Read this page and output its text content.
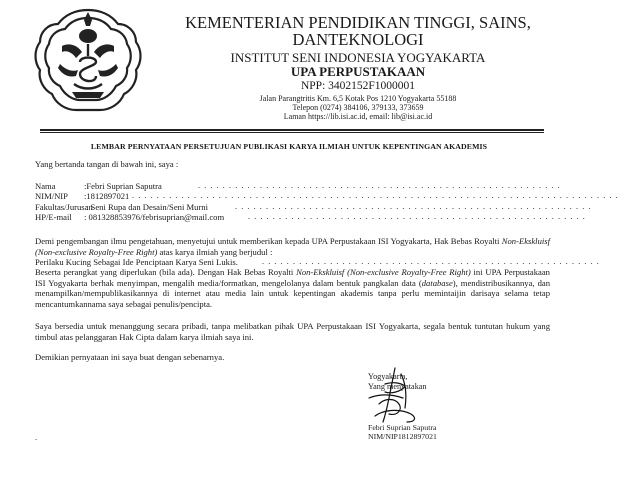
KEMENTERIAN PENDIDIKAN TINGGI, SAINS,
DANTEKNOLOGI
INSTITUT SENI INDONESIA YOGYAKARTA
UPA PERPUSTAKAAN
NPP: 3402152F1000001
Jalan Parangtritis Km. 6,5 Kotak Pos 1210 Yogyakarta 55188
Telepon (0274) 384106, 379133, 373659
Laman https://lib.isi.ac.id, email: lib@isi.ac.id
LEMBAR PERNYATAAN PERSETUJUAN PUBLIKASI KARYA ILMIAH UNTUK KEPENTINGAN AKADEMIS
Yang bertanda tangan di bawah ini, saya :
Nama	:Febri Suprian Saputra	. . . . . . . . . . . . . . . . . . . . . . . . . . . . . . . . . . . . . . . . . . . . . . . . . . . . . . . . . . .
NIM/NIP :1812897021 . . . . . . . . . . . . . . . . . . . . . . . . . . . . . . . . . . . . . . . . . . . . . . . . . . . . . . . . . . . . . . . . . . . . . . . . . . . . . . .
Fakultas/Jurusan: Seni Rupa dan Desain/Seni Murni	. . . . . . . . . . . . . . . . . . . . . . . . . . . . . . . . . . . . . . . . . . . . . . . . . . . . . . . . . .
HP/E-mail : 081328853976/febrisuprian@mail.com	. . . . . . . . . . . . . . . . . . . . . . . . . . . . . . . . . . . . . . . . . . . . . . . . . . . . . . .
Demi pengembangan ilmu pengetahuan, menyetujui untuk memberikan kepada UPA Perpustakaan ISI Yogyakarta, Hak Bebas Royalti Non-Ekskluisf (Non-exclusive Royalty-Free Right) atas karya ilmiah yang berjudul :
Perilaku Kucing Sebagai Ide Penciptaan Karya Seni Lukis.	. . . . . . . . . . . . . . . . . . . . . . . . . . . . . . . . . . . . . . . . . . . . . . . . . . . . . . .
Beserta perangkat yang diperlukan (bila ada). Dengan Hak Bebas Royalti Non-Ekskluisf (Non-exclusive Royalty-Free Right) ini UPA Perpustakaan ISI Yogyakarta berhak menyimpan, mengalih media/formatkan, mengelolanya dalam bentuk pangkalan data (database), mendistribusikannya, dan menampilkan/mempublikasikannya di internet atau media lain untuk kepentingan akademis tanpa perlu memintaijin darisaya selama tetap mencantumkannama saya sebagai penulis/pencipta.
Saya bersedia untuk menanggung secara pribadi, tanpa melibatkan pihak UPA Perpustakaan ISI Yogyakarta, segala bentuk tuntutan hukum yang timbul atas pelanggaran Hak Cipta dalam karya ilmiah saya ini.
Demikian pernyataan ini saya buat dengan sebenarnya.
Yogyakarta,
Yang menyatakan
Febri Suprian Saputra
NIM/NIP1812897021
-
